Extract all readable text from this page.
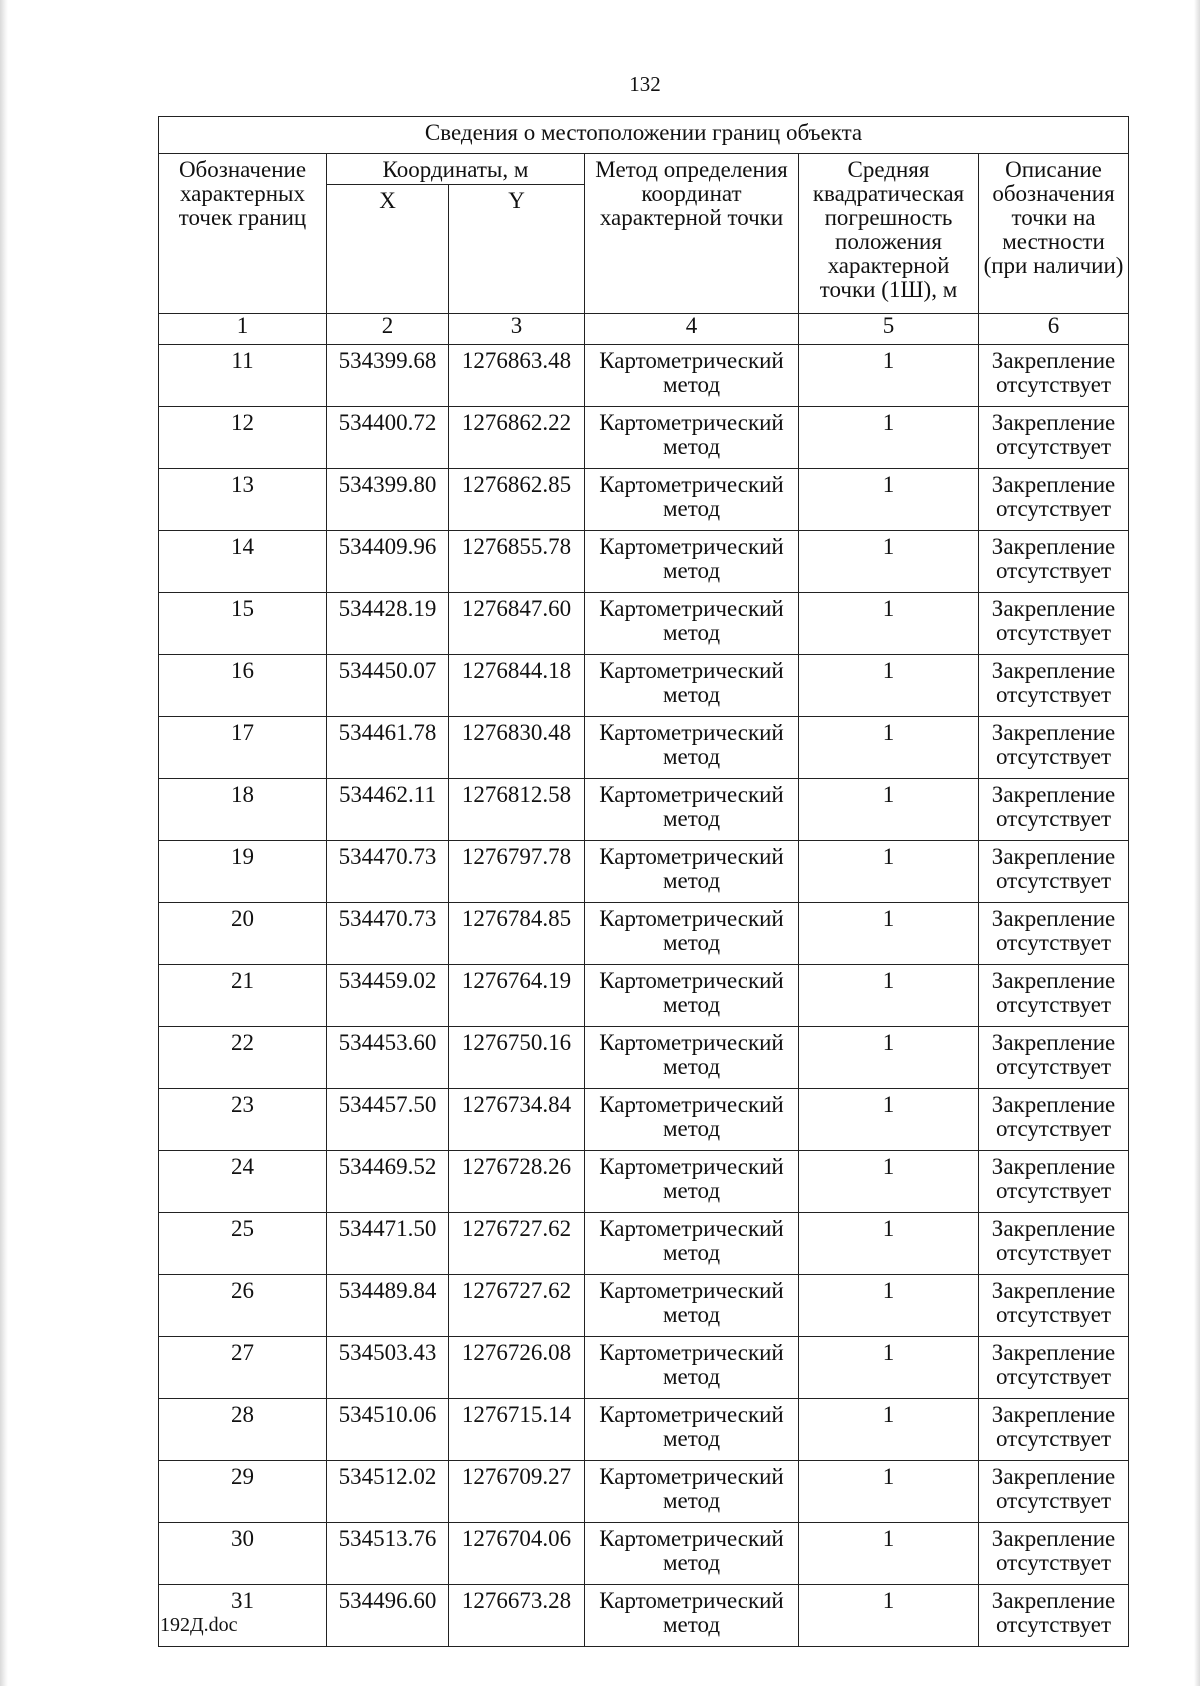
132
Сведения о местоположении границ объекта					
Обозначение характерных точек границ	Координаты, м		Метод определения координат характерной точки	Средняя квадратическая погрешность положения характерной точки (1Ш), м	Описание обозначения точки на местности (при наличии)
	X	Y			
1	2	3	4	5	6
11	534399.68	1276863.48	Картометрический метод	1	Закрепление отсутствует
12	534400.72	1276862.22	Картометрический метод	1	Закрепление отсутствует
13	534399.80	1276862.85	Картометрический метод	1	Закрепление отсутствует
14	534409.96	1276855.78	Картометрический метод	1	Закрепление отсутствует
15	534428.19	1276847.60	Картометрический метод	1	Закрепление отсутствует
16	534450.07	1276844.18	Картометрический метод	1	Закрепление отсутствует
17	534461.78	1276830.48	Картометрический метод	1	Закрепление отсутствует
18	534462.11	1276812.58	Картометрический метод	1	Закрепление отсутствует
19	534470.73	1276797.78	Картометрический метод	1	Закрепление отсутствует
20	534470.73	1276784.85	Картометрический метод	1	Закрепление отсутствует
21	534459.02	1276764.19	Картометрический метод	1	Закрепление отсутствует
22	534453.60	1276750.16	Картометрический метод	1	Закрепление отсутствует
23	534457.50	1276734.84	Картометрический метод	1	Закрепление отсутствует
24	534469.52	1276728.26	Картометрический метод	1	Закрепление отсутствует
25	534471.50	1276727.62	Картометрический метод	1	Закрепление отсутствует
26	534489.84	1276727.62	Картометрический метод	1	Закрепление отсутствует
27	534503.43	1276726.08	Картометрический метод	1	Закрепление отсутствует
28	534510.06	1276715.14	Картометрический метод	1	Закрепление отсутствует
29	534512.02	1276709.27	Картометрический метод	1	Закрепление отсутствует
30	534513.76	1276704.06	Картометрический метод	1	Закрепление отсутствует
31	534496.60	1276673.28	Картометрический метод	1	Закрепление отсутствует
192Д.doc
